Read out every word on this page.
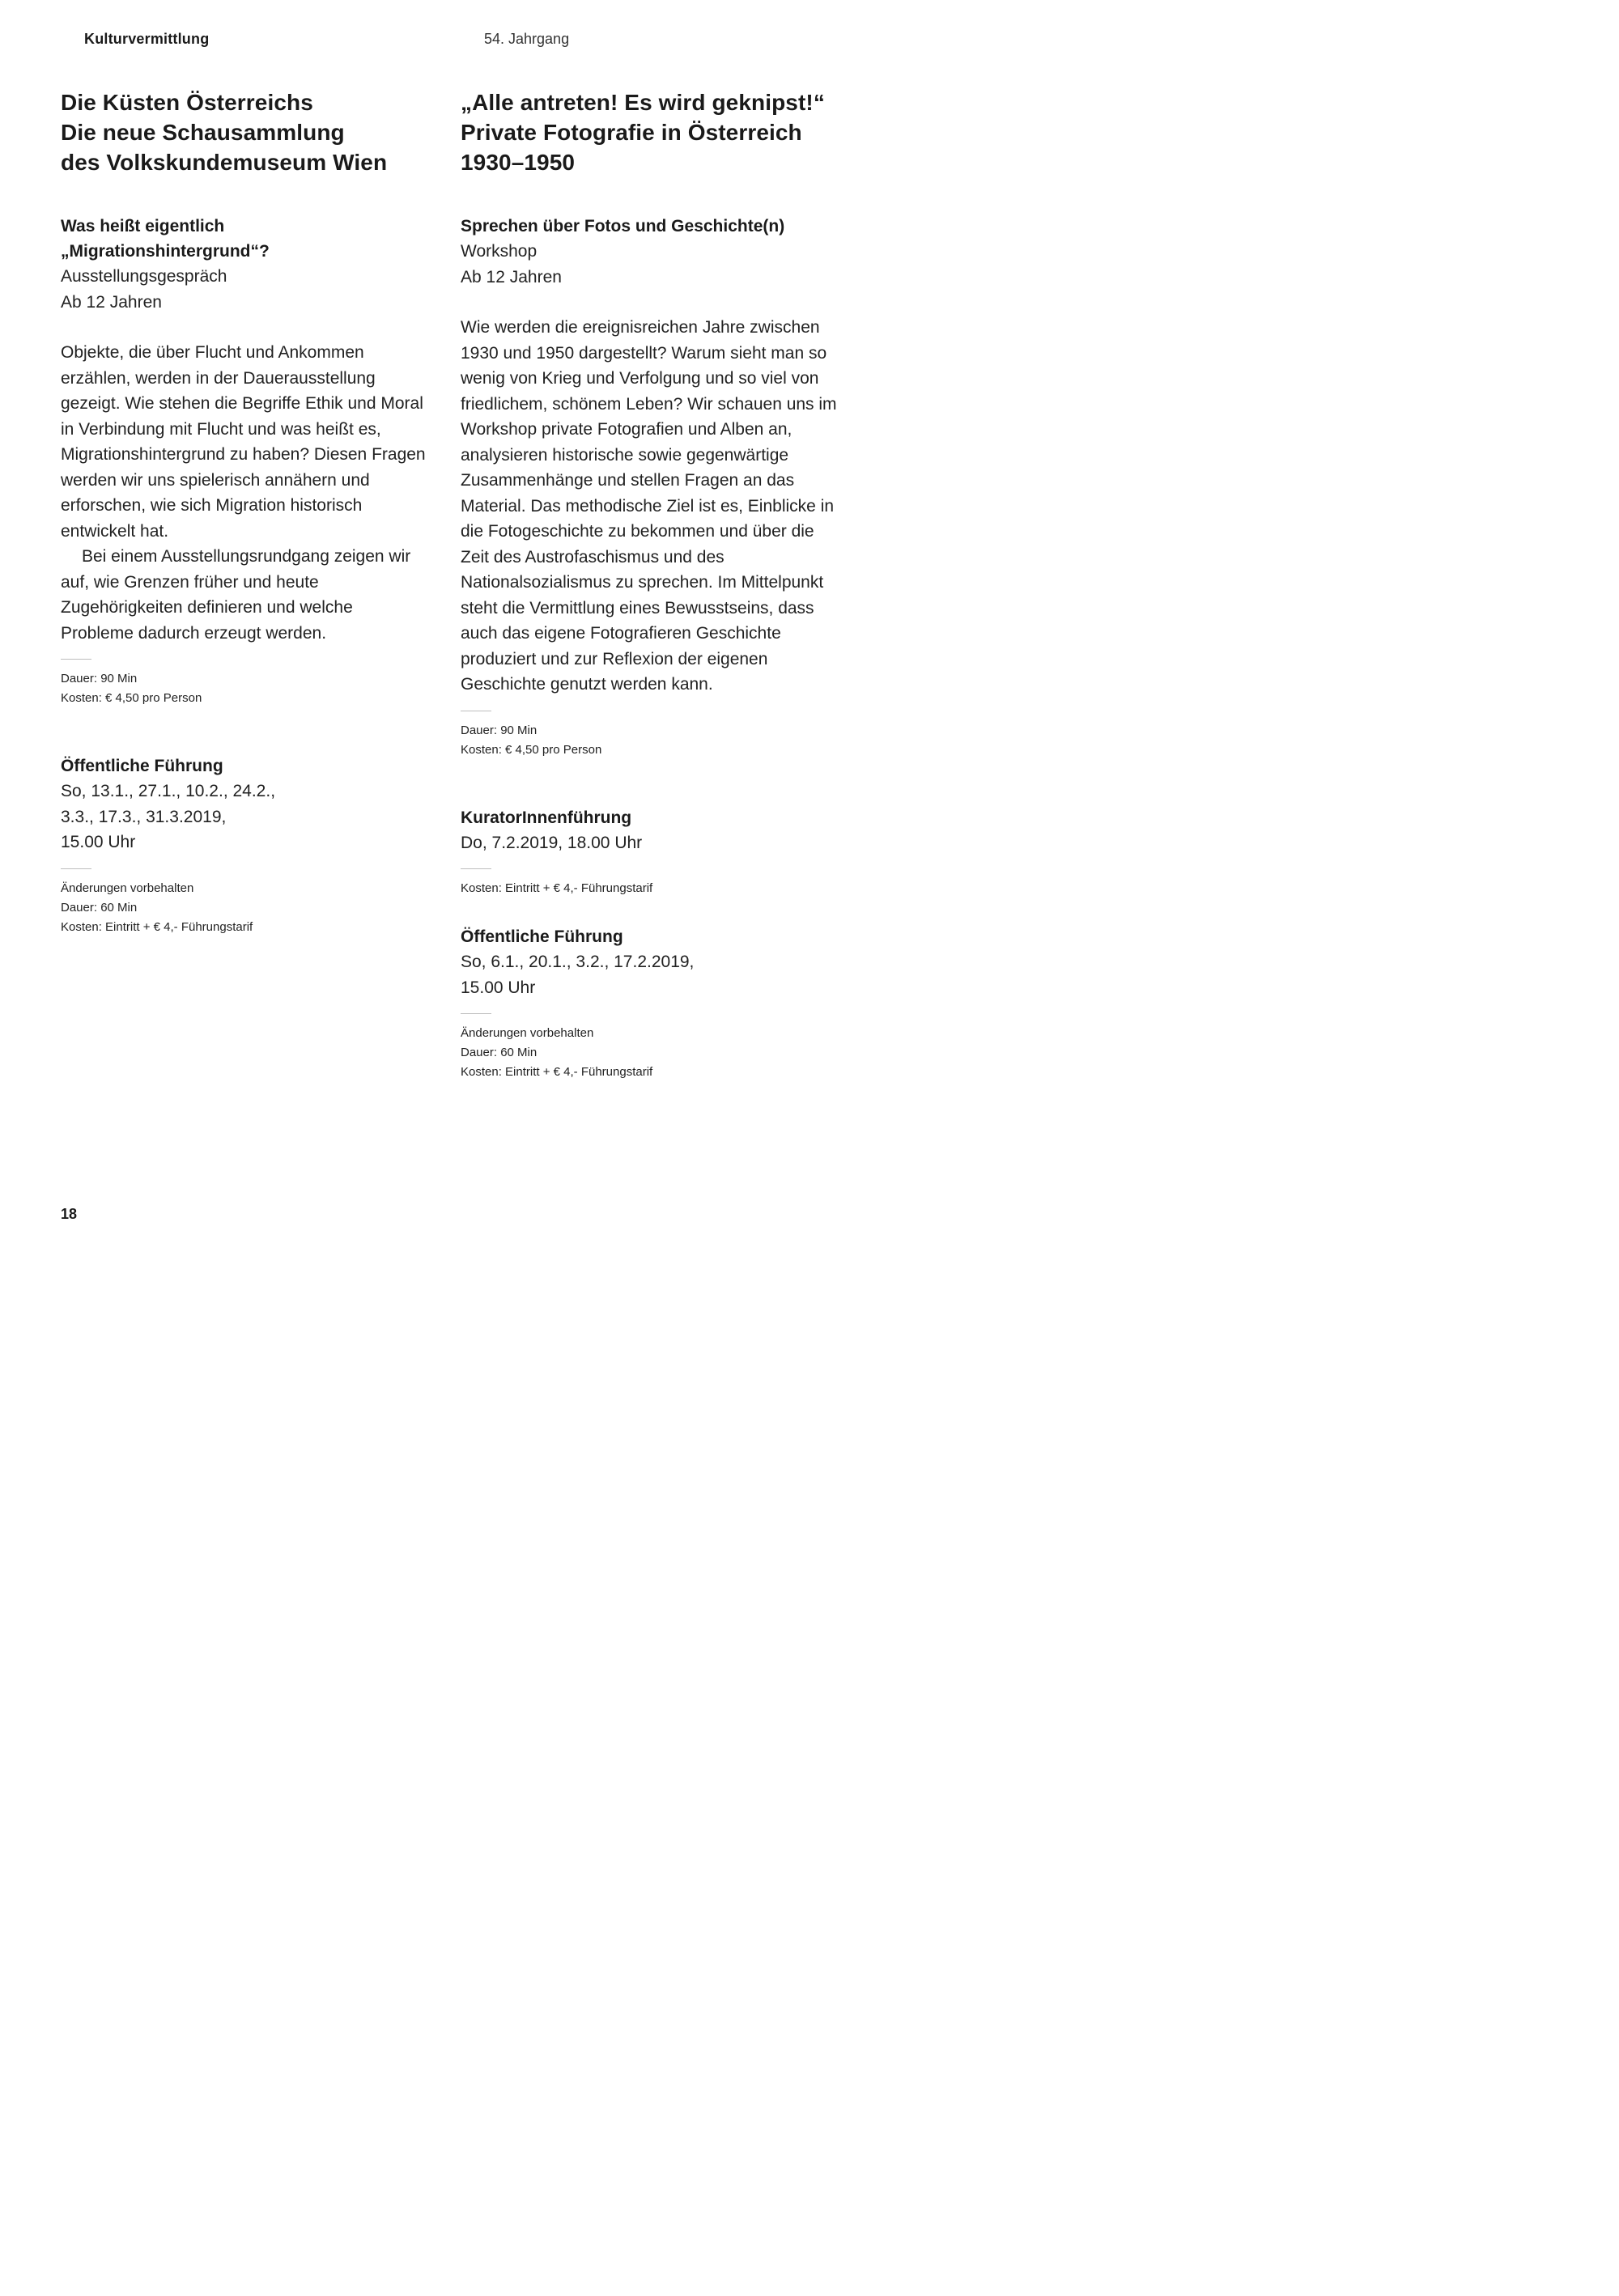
Kulturvermittlung	54. Jahrgang
Die Küsten Österreichs
Die neue Schausammlung
des Volkskundemuseum Wien
Was heißt eigentlich
„Migrationshintergrund“?
Ausstellungsgespräch
Ab 12 Jahren

Objekte, die über Flucht und Ankommen erzählen, werden in der Dauerausstellung gezeigt. Wie stehen die Begriffe Ethik und Moral in Verbindung mit Flucht und was heißt es, Migrationshintergrund zu haben? Diesen Fragen werden wir uns spielerisch annähern und erforschen, wie sich Migration historisch entwickelt hat.

Bei einem Ausstellungsrundgang zeigen wir auf, wie Grenzen früher und heute Zugehörigkeiten definieren und welche Probleme dadurch erzeugt werden.

Dauer: 90 Min
Kosten: € 4,50 pro Person
Öffentliche Führung
So, 13.1., 27.1., 10.2., 24.2.,
3.3., 17.3., 31.3.2019,
15.00 Uhr
Änderungen vorbehalten
Dauer: 60 Min
Kosten: Eintritt + € 4,- Führungstarif
„Alle antreten! Es wird geknipst!“
Private Fotografie in Österreich
1930–1950
Sprechen über Fotos und Geschichte(n)
Workshop
Ab 12 Jahren

Wie werden die ereignisreichen Jahre zwischen 1930 und 1950 dargestellt? Warum sieht man so wenig von Krieg und Verfolgung und so viel von friedlichem, schönem Leben? Wir schauen uns im Workshop private Fotografien und Alben an, analysieren historische sowie gegenwärtige Zusammenhänge und stellen Fragen an das Material. Das methodische Ziel ist es, Einblicke in die Fotogeschichte zu bekommen und über die Zeit des Austrofaschismus und des Nationalsozialismus zu sprechen. Im Mittelpunkt steht die Vermittlung eines Bewusstseins, dass auch das eigene Fotografieren Geschichte produziert und zur Reflexion der eigenen Geschichte genutzt werden kann.

Dauer: 90 Min
Kosten: € 4,50 pro Person
KuratorInnenführung
Do, 7.2.2019, 18.00 Uhr
Kosten: Eintritt + € 4,- Führungstarif
Öffentliche Führung
So, 6.1., 20.1., 3.2., 17.2.2019,
15.00 Uhr
Änderungen vorbehalten
Dauer: 60 Min
Kosten: Eintritt + € 4,- Führungstarif
18
